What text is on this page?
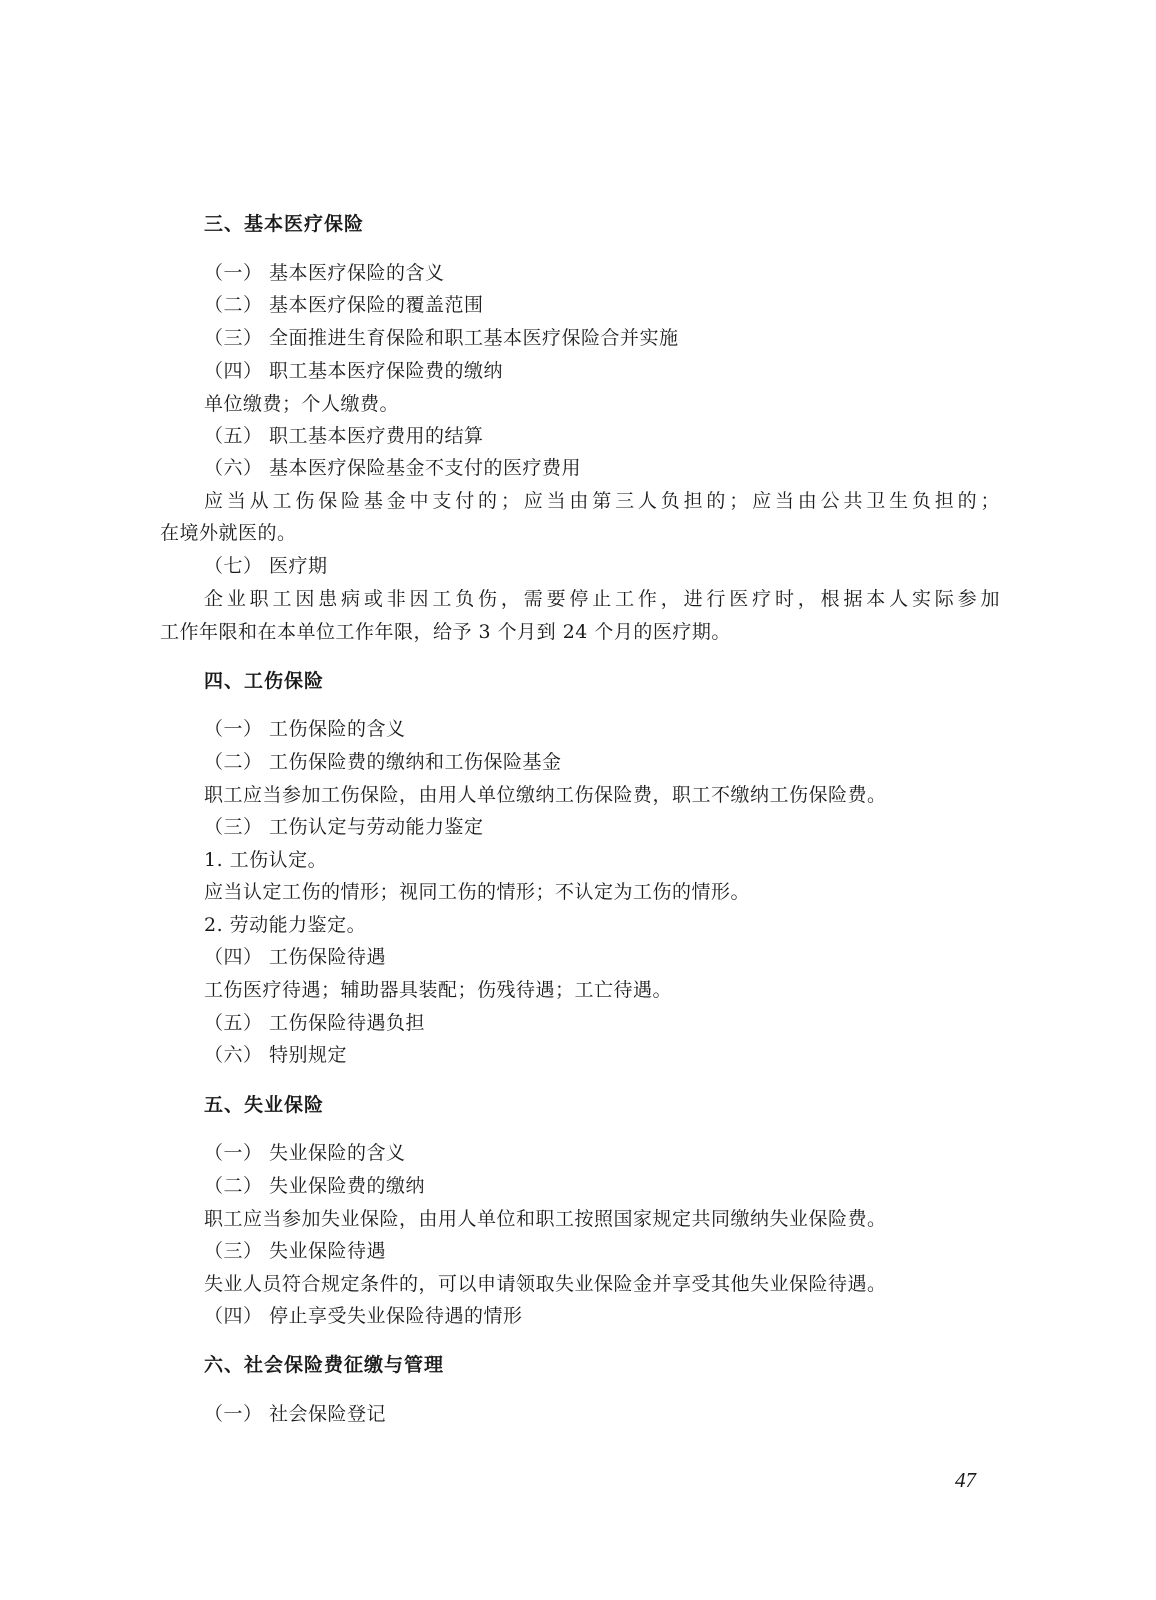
三、基本医疗保险
（一） 基本医疗保险的含义
（二） 基本医疗保险的覆盖范围
（三） 全面推进生育保险和职工基本医疗保险合并实施
（四） 职工基本医疗保险费的缴纳
单位缴费；个人缴费。
（五） 职工基本医疗费用的结算
（六） 基本医疗保险基金不支付的医疗费用
应当从工伤保险基金中支付的；应当由第三人负担的；应当由公共卫生负担的；
在境外就医的。
（七） 医疗期
企业职工因患病或非因工负伤，需要停止工作，进行医疗时，根据本人实际参加
工作年限和在本单位工作年限，给予 3 个月到 24 个月的医疗期。
四、工伤保险
（一） 工伤保险的含义
（二） 工伤保险费的缴纳和工伤保险基金
职工应当参加工伤保险，由用人单位缴纳工伤保险费，职工不缴纳工伤保险费。
（三） 工伤认定与劳动能力鉴定
1. 工伤认定。
应当认定工伤的情形；视同工伤的情形；不认定为工伤的情形。
2. 劳动能力鉴定。
（四） 工伤保险待遇
工伤医疗待遇；辅助器具装配；伤残待遇；工亡待遇。
（五） 工伤保险待遇负担
（六） 特别规定
五、失业保险
（一） 失业保险的含义
（二） 失业保险费的缴纳
职工应当参加失业保险，由用人单位和职工按照国家规定共同缴纳失业保险费。
（三） 失业保险待遇
失业人员符合规定条件的，可以申请领取失业保险金并享受其他失业保险待遇。
（四） 停止享受失业保险待遇的情形
六、社会保险费征缴与管理
（一） 社会保险登记
47
